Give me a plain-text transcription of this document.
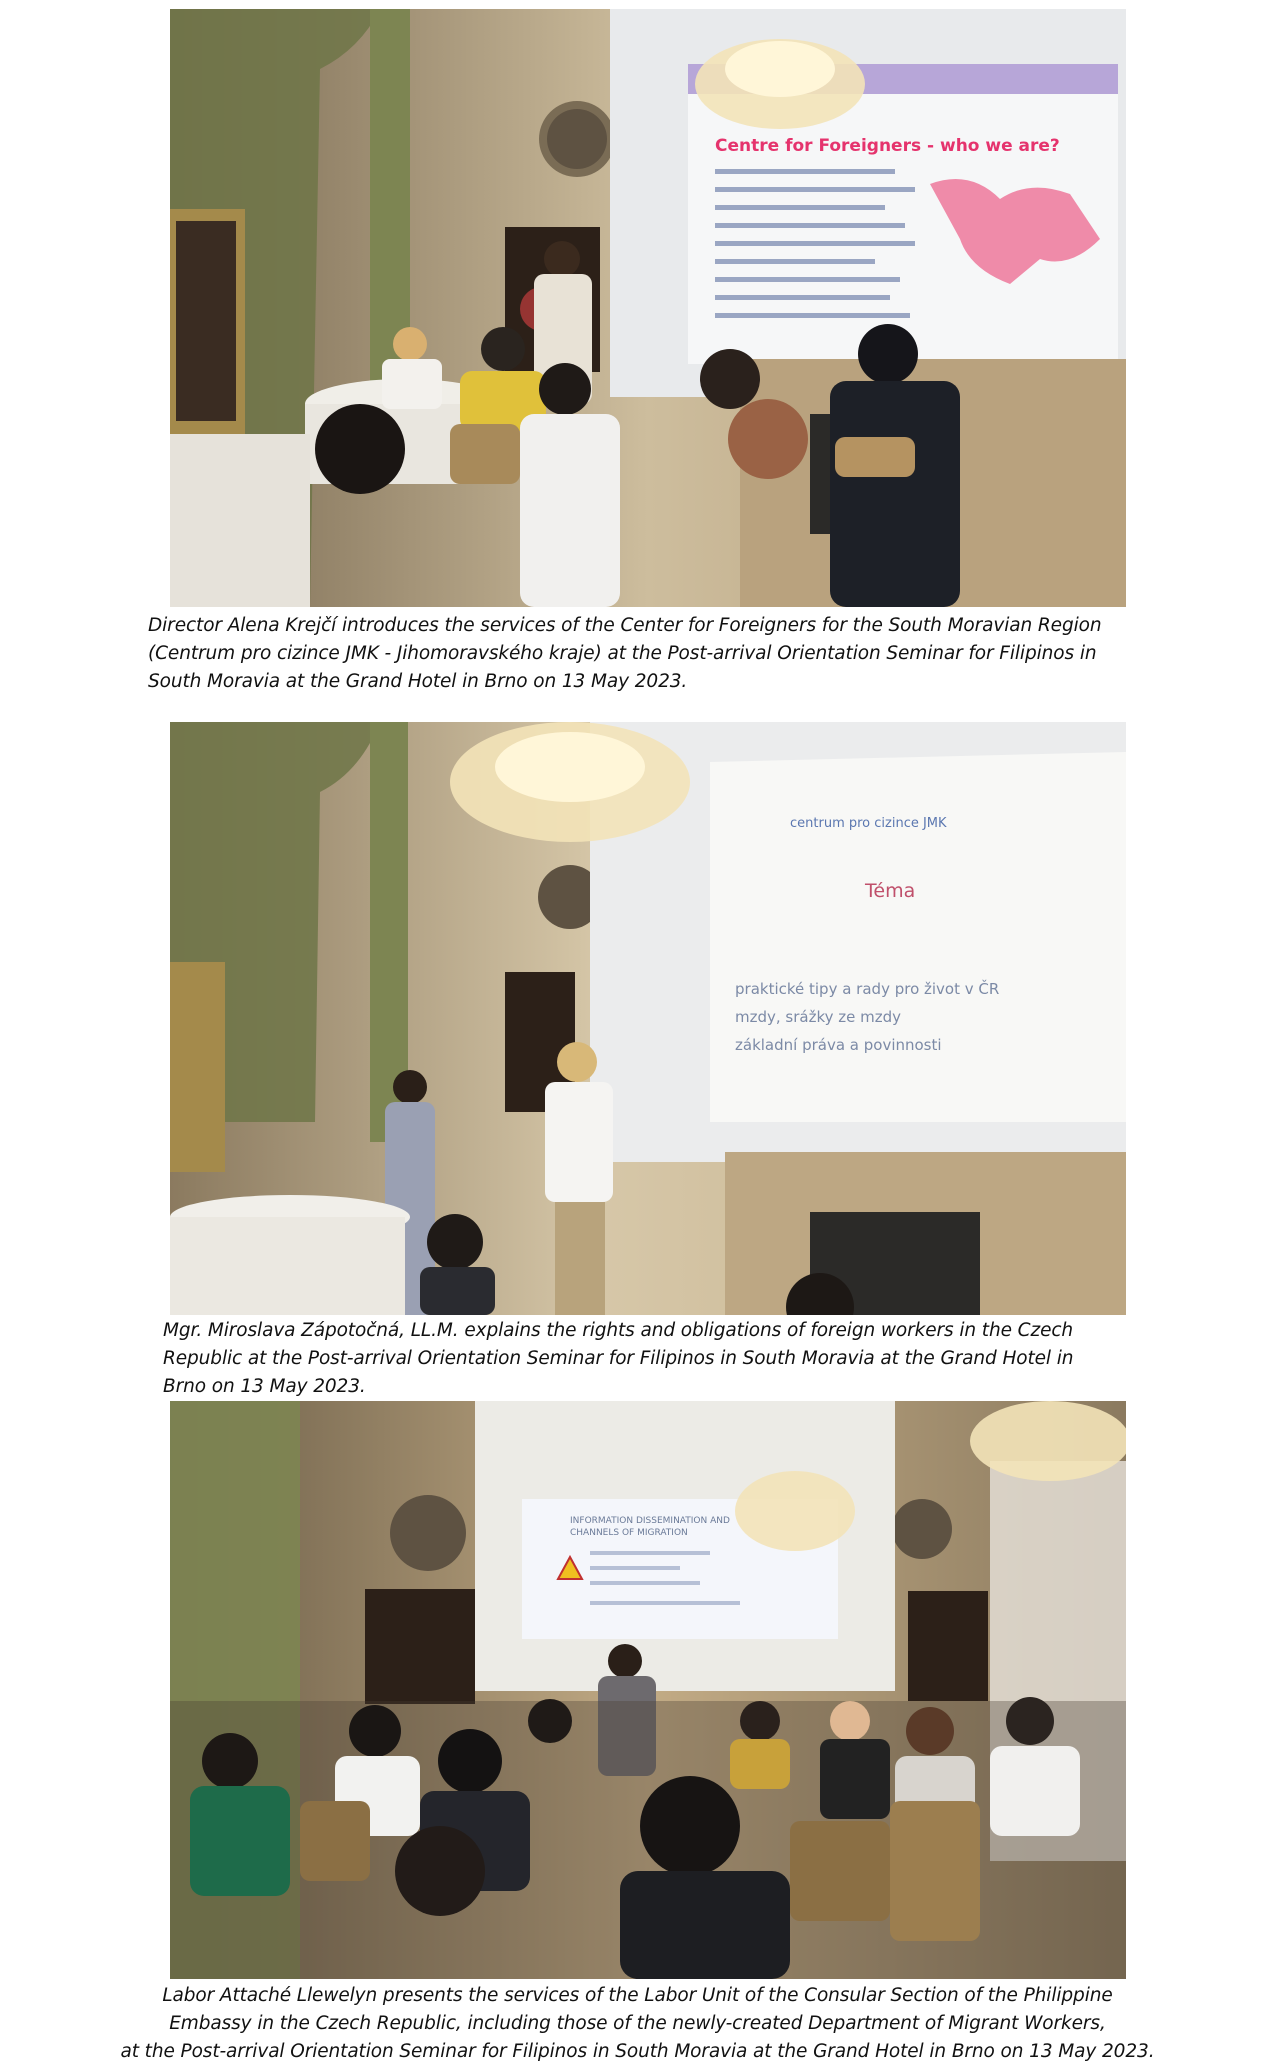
Centre for Foreigners - who we are?
Director Alena Krejčí introduces the services of the Center for Foreigners for the South Moravian Region
(Centrum pro cizince JMK - Jihomoravského kraje) at the Post-arrival Orientation Seminar for Filipinos in
South Moravia at the Grand Hotel in Brno on 13 May 2023.
centrum pro cizince JMK
Téma
praktické tipy a rady pro život v ČR
mzdy, srážky ze mzdy
základní práva a povinnosti
Mgr. Miroslava Zápotočná, LL.M. explains the rights and obligations of foreign workers in the Czech
Republic at the Post-arrival Orientation Seminar for Filipinos in South Moravia at the Grand Hotel in
Brno on 13 May 2023.
INFORMATION DISSEMINATION AND
CHANNELS OF MIGRATION
Labor Attaché Llewelyn presents the services of the Labor Unit of the Consular Section of the Philippine
Embassy in the Czech Republic, including those of the newly-created Department of Migrant Workers,
at the Post-arrival Orientation Seminar for Filipinos in South Moravia at the Grand Hotel in Brno on 13 May 2023.
